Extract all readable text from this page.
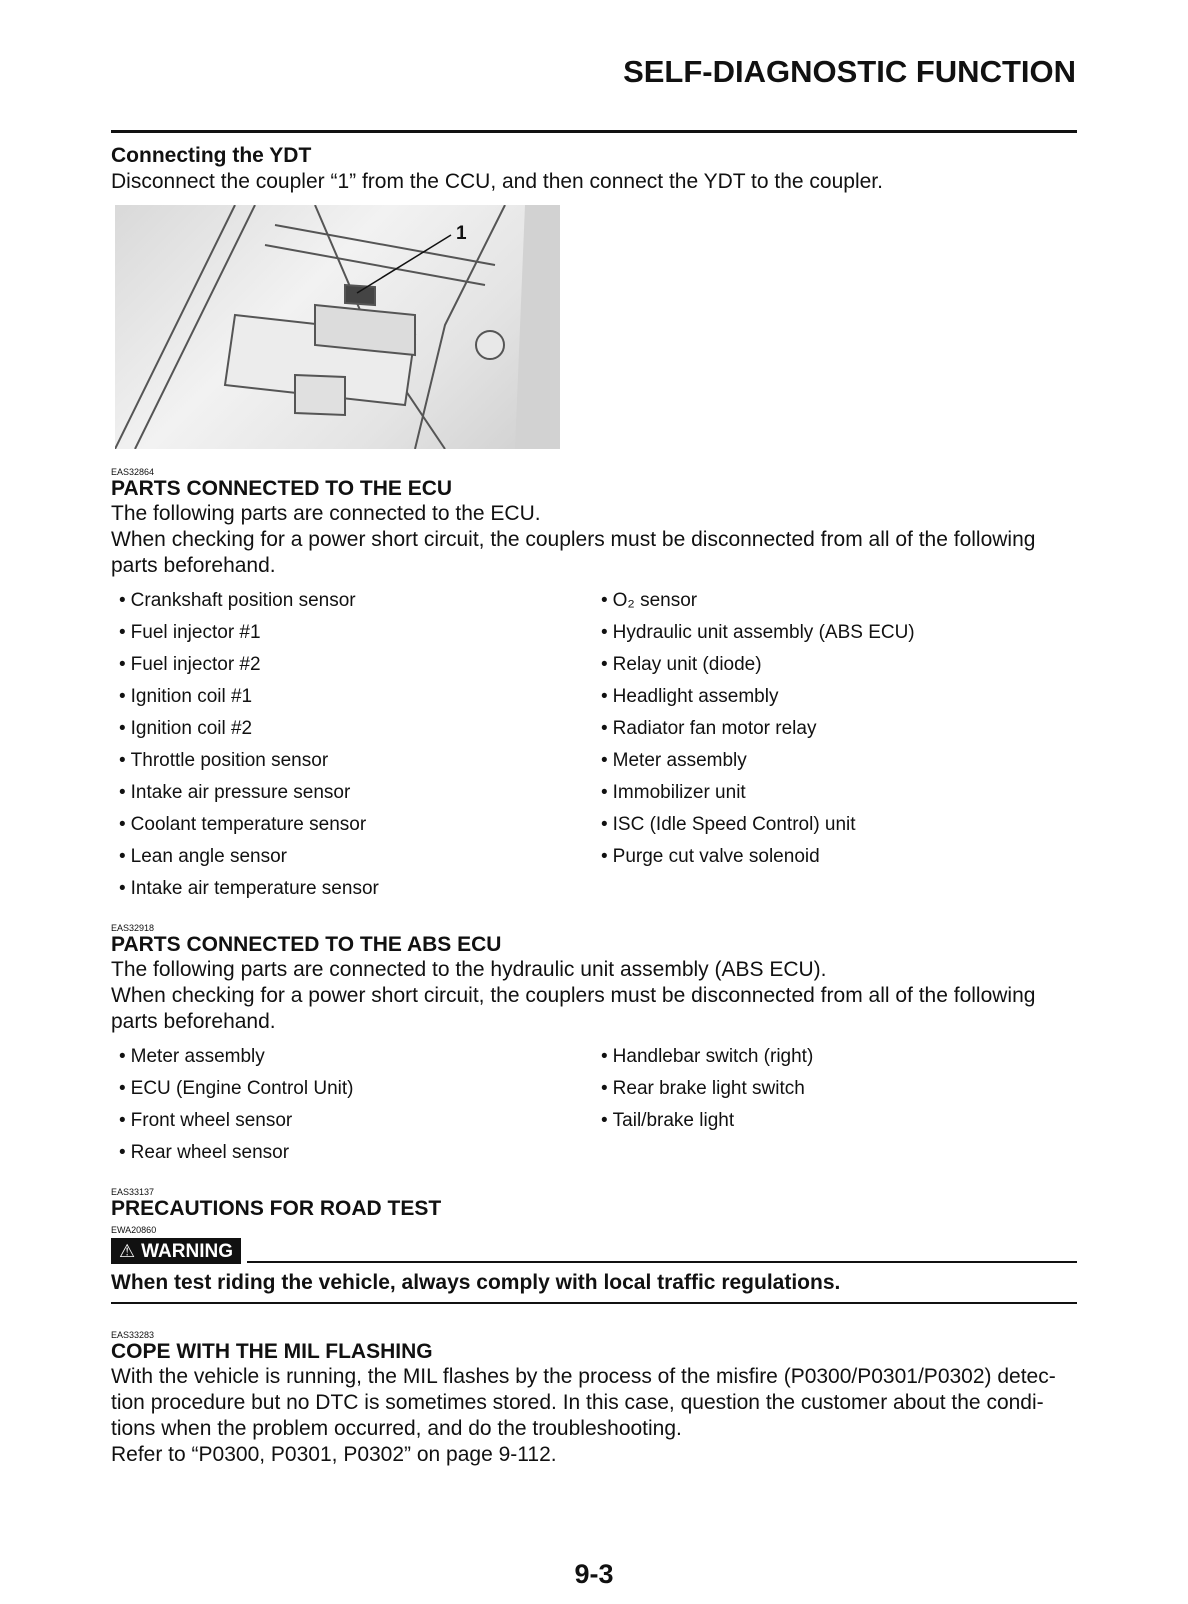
SELF-DIAGNOSTIC FUNCTION
Connecting the YDT
Disconnect the coupler “1” from the CCU, and then connect the YDT to the coupler.
1
EAS32864
PARTS CONNECTED TO THE ECU
The following parts are connected to the ECU.
When checking for a power short circuit, the couplers must be disconnected from all of the following parts beforehand.
• Crankshaft position sensor
• Fuel injector #1
• Fuel injector #2
• Ignition coil #1
• Ignition coil #2
• Throttle position sensor
• Intake air pressure sensor
• Coolant temperature sensor
• Lean angle sensor
• Intake air temperature sensor
• O₂ sensor
• Hydraulic unit assembly (ABS ECU)
• Relay unit (diode)
• Headlight assembly
• Radiator fan motor relay
• Meter assembly
• Immobilizer unit
• ISC (Idle Speed Control) unit
• Purge cut valve solenoid
EAS32918
PARTS CONNECTED TO THE ABS ECU
The following parts are connected to the hydraulic unit assembly (ABS ECU).
When checking for a power short circuit, the couplers must be disconnected from all of the following parts beforehand.
• Meter assembly
• ECU (Engine Control Unit)
• Front wheel sensor
• Rear wheel sensor
• Handlebar switch (right)
• Rear brake light switch
• Tail/brake light
EAS33137
PRECAUTIONS FOR ROAD TEST
EWA20860
⚠ WARNING
When test riding the vehicle, always comply with local traffic regulations.
EAS33283
COPE WITH THE MIL FLASHING
With the vehicle is running, the MIL flashes by the process of the misfire (P0300/P0301/P0302) detec-tion procedure but no DTC is sometimes stored. In this case, question the customer about the condi-tions when the problem occurred, and do the troubleshooting.
Refer to “P0300, P0301, P0302” on page 9-112.
9-3
